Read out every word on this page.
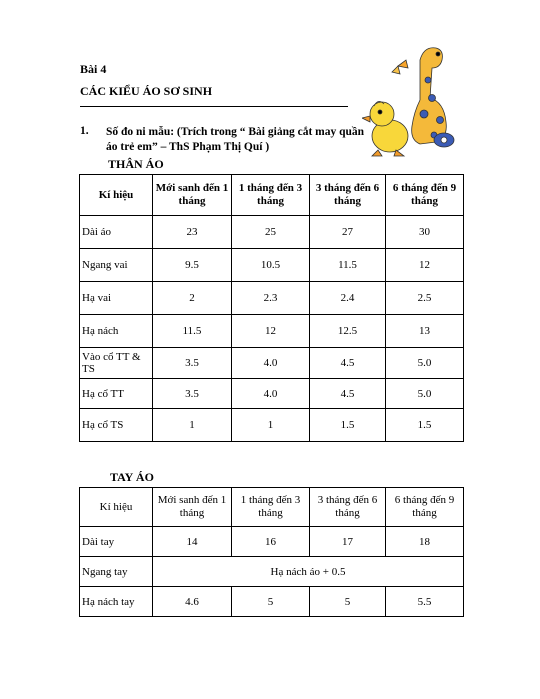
Bài 4
CÁC KIỂU ÁO SƠ SINH
1. Số đo ni mẫu: (Trích trong “ Bài giảng cắt may quần áo trẻ em” – ThS Phạm Thị Quí )
THÂN ÁO
Kí hiệu	Mới sanh đến 1 tháng	1 tháng đến 3 tháng	3 tháng đến 6 tháng	6 tháng đến 9 tháng
Dài áo	23	25	27	30
Ngang vai	9.5	10.5	11.5	12
Hạ vai	2	2.3	2.4	2.5
Hạ nách	11.5	12	12.5	13
Vào cổ TT & TS	3.5	4.0	4.5	5.0
Hạ cổ TT	3.5	4.0	4.5	5.0
Hạ cổ TS	1	1	1.5	1.5
TAY ÁO
Kí hiệu	Mới sanh đến 1 tháng	1 tháng đến 3 tháng	3 tháng đến 6 tháng	6 tháng đến 9 tháng
Dài tay	14	16	17	18
Ngang tay	Hạ nách áo + 0.5			
Hạ nách tay	4.6	5	5	5.5
